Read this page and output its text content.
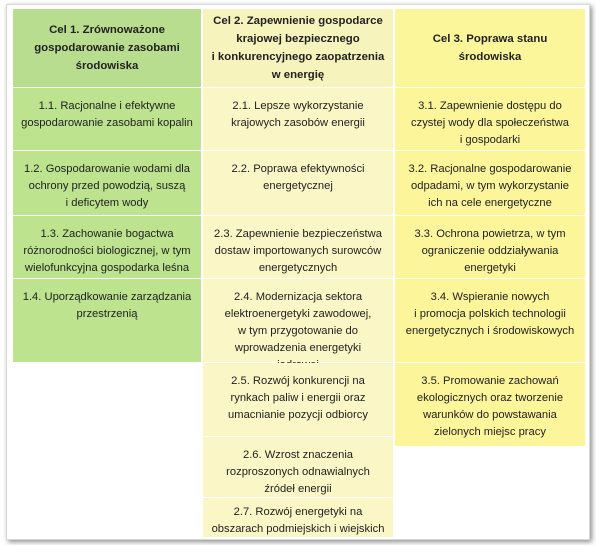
Cel 1. Zrównoważone
gospodarowanie zasobami
środowiska
1.1. Racjonalne i efektywne
gospodarowanie zasobami kopalin
1.2. Gospodarowanie wodami dla
ochrony przed powodzią, suszą
i deficytem wody
1.3. Zachowanie bogactwa
różnorodności biologicznej, w tym
wielofunkcyjna gospodarka leśna
1.4. Uporządkowanie zarządzania
przestrzenią
Cel 2. Zapewnienie gospodarce
krajowej bezpiecznego
i konkurencyjnego zaopatrzenia
w energię
2.1. Lepsze wykorzystanie
krajowych zasobów energii
2.2. Poprawa efektywności
energetycznej
2.3. Zapewnienie bezpieczeństwa
dostaw importowanych surowców
energetycznych
2.4. Modernizacja sektora
elektroenergetyki zawodowej,
w tym przygotowanie do
wprowadzenia energetyki

2.5. Rozwój konkurencji na
rynkach paliw i energii oraz
umacnianie pozycji odbiorcy
2.6. Wzrost znaczenia
rozproszonych odnawialnych
źródeł energii
2.7. Rozwój energetyki na
obszarach podmiejskich i wiejskich
Cel 3. Poprawa stanu
środowiska
3.1. Zapewnienie dostępu do
czystej wody dla społeczeństwa
i gospodarki
3.2. Racjonalne gospodarowanie
odpadami, w tym wykorzystanie
ich na cele energetyczne
3.3. Ochrona powietrza, w tym
ograniczenie oddziaływania
energetyki
3.4. Wspieranie nowych
i promocja polskich technologii
energetycznych i środowiskowych
3.5. Promowanie zachowań
ekologicznych oraz tworzenie
warunków do powstawania
zielonych miejsc pracy
